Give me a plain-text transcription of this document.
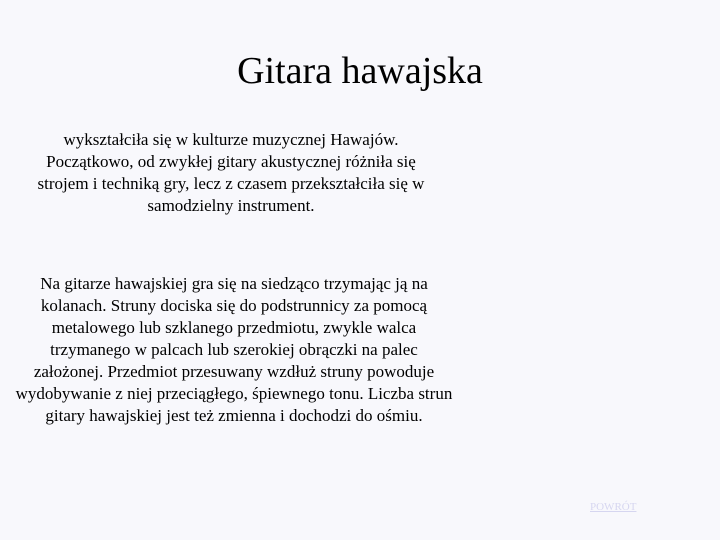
Gitara hawajska

wykształciła się w kulturze muzycznej Hawajów. Początkowo, od zwykłej gitary akustycznej różniła się strojem i techniką gry, lecz z czasem przekształciła się w samodzielny instrument.

Na gitarze hawajskiej gra się na siedząco trzymając ją na kolanach. Struny dociska się do podstrunnicy za pomocą metalowego lub szklanego przedmiotu, zwykle walca trzymanego w palcach lub szerokiej obrączki na palec założonej. Przedmiot przesuwany wzdłuż struny powoduje wydobywanie z niej przeciągłego, śpiewnego tonu. Liczba strun gitary hawajskiej jest też zmienna i dochodzi do ośmiu.

POWRÓT
